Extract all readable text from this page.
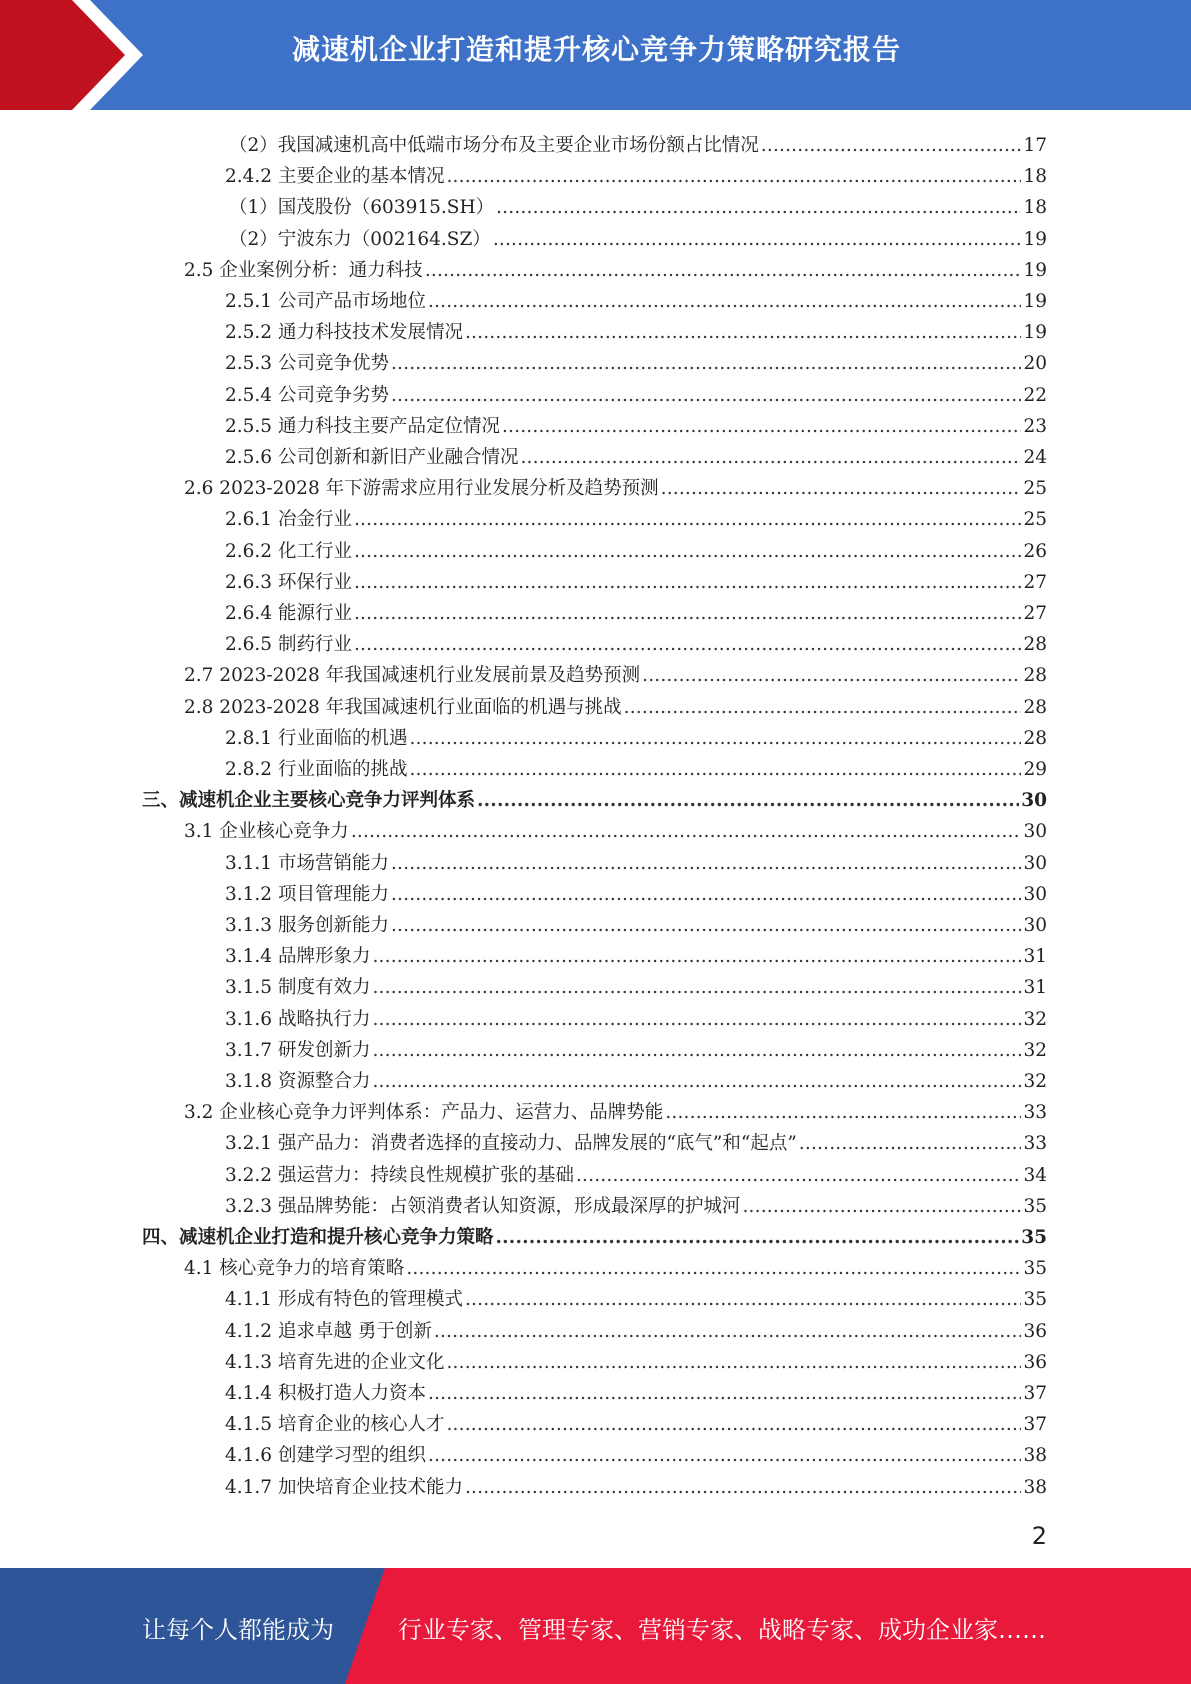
减速机企业打造和提升核心竞争力策略研究报告
（2）我国减速机高中低端市场分布及主要企业市场份额占比情况 .....	17
2.4.2 主要企业的基本情况 .....	18
（1）国茂股份（603915.SH） .....	18
（2）宁波东力（002164.SZ） .....	19
2.5 企业案例分析：通力科技 .....	19
2.5.1 公司产品市场地位 .....	19
2.5.2 通力科技技术发展情况 .....	19
2.5.3 公司竞争优势 .....	20
2.5.4 公司竞争劣势 .....	22
2.5.5 通力科技主要产品定位情况 .....	23
2.5.6 公司创新和新旧产业融合情况 .....	24
2.6 2023-2028 年下游需求应用行业发展分析及趋势预测 .....	25
2.6.1 冶金行业 .....	25
2.6.2 化工行业 .....	26
2.6.3 环保行业 .....	27
2.6.4 能源行业 .....	27
2.6.5 制药行业 .....	28
2.7 2023-2028 年我国减速机行业发展前景及趋势预测 .....	28
2.8 2023-2028 年我国减速机行业面临的机遇与挑战 .....	28
2.8.1 行业面临的机遇 .....	28
2.8.2 行业面临的挑战 .....	29
三、减速机企业主要核心竞争力评判体系 .....	30
3.1 企业核心竞争力 .....	30
3.1.1 市场营销能力 .....	30
3.1.2 项目管理能力 .....	30
3.1.3 服务创新能力 .....	30
3.1.4 品牌形象力 .....	31
3.1.5 制度有效力 .....	31
3.1.6 战略执行力 .....	32
3.1.7 研发创新力 .....	32
3.1.8 资源整合力 .....	32
3.2 企业核心竞争力评判体系：产品力、运营力、品牌势能 .....	33
3.2.1 强产品力：消费者选择的直接动力、品牌发展的“底气”和“起点” .....	33
3.2.2 强运营力：持续良性规模扩张的基础 .....	34
3.2.3 强品牌势能：占领消费者认知资源，形成最深厚的护城河 .....	35
四、减速机企业打造和提升核心竞争力策略 .....	35
4.1 核心竞争力的培育策略 .....	35
4.1.1 形成有特色的管理模式 .....	35
4.1.2 追求卓越 勇于创新 .....	36
4.1.3 培育先进的企业文化 .....	36
4.1.4 积极打造人力资本 .....	37
4.1.5 培育企业的核心人才 .....	37
4.1.6 创建学习型的组织 .....	38
4.1.7 加快培育企业技术能力 .....	38
2
让每个人都能成为	行业专家、管理专家、营销专家、战略专家、成功企业家……
